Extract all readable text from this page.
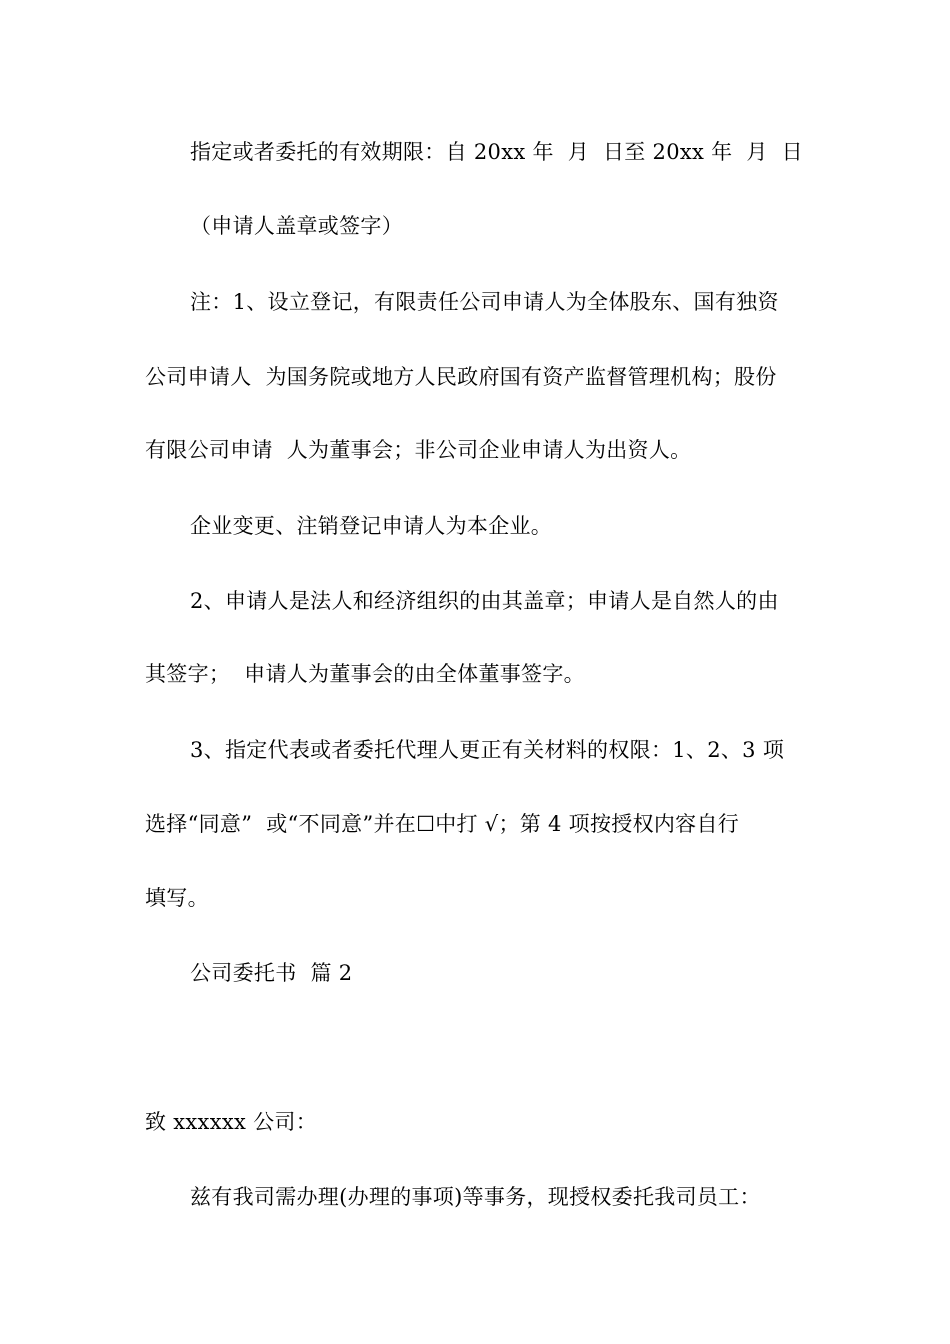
指定或者委托的有效期限：自 20xx 年  月  日至 20xx 年  月  日
（申请人盖章或签字）
注：1、设立登记，有限责任公司申请人为全体股东、国有独资
公司申请人  为国务院或地方人民政府国有资产监督管理机构；股份
有限公司申请  人为董事会；非公司企业申请人为出资人。
企业变更、注销登记申请人为本企业。
2、申请人是法人和经济组织的由其盖章；申请人是自然人的由
其签字；  申请人为董事会的由全体董事签字。
3、指定代表或者委托代理人更正有关材料的权限：1、2、3 项
选择“同意”  或“不同意”并在☐中打 √；第 4 项按授权内容自行
填写。
公司委托书  篇 2
致 xxxxxx 公司：
兹有我司需办理(办理的事项)等事务，现授权委托我司员工：
